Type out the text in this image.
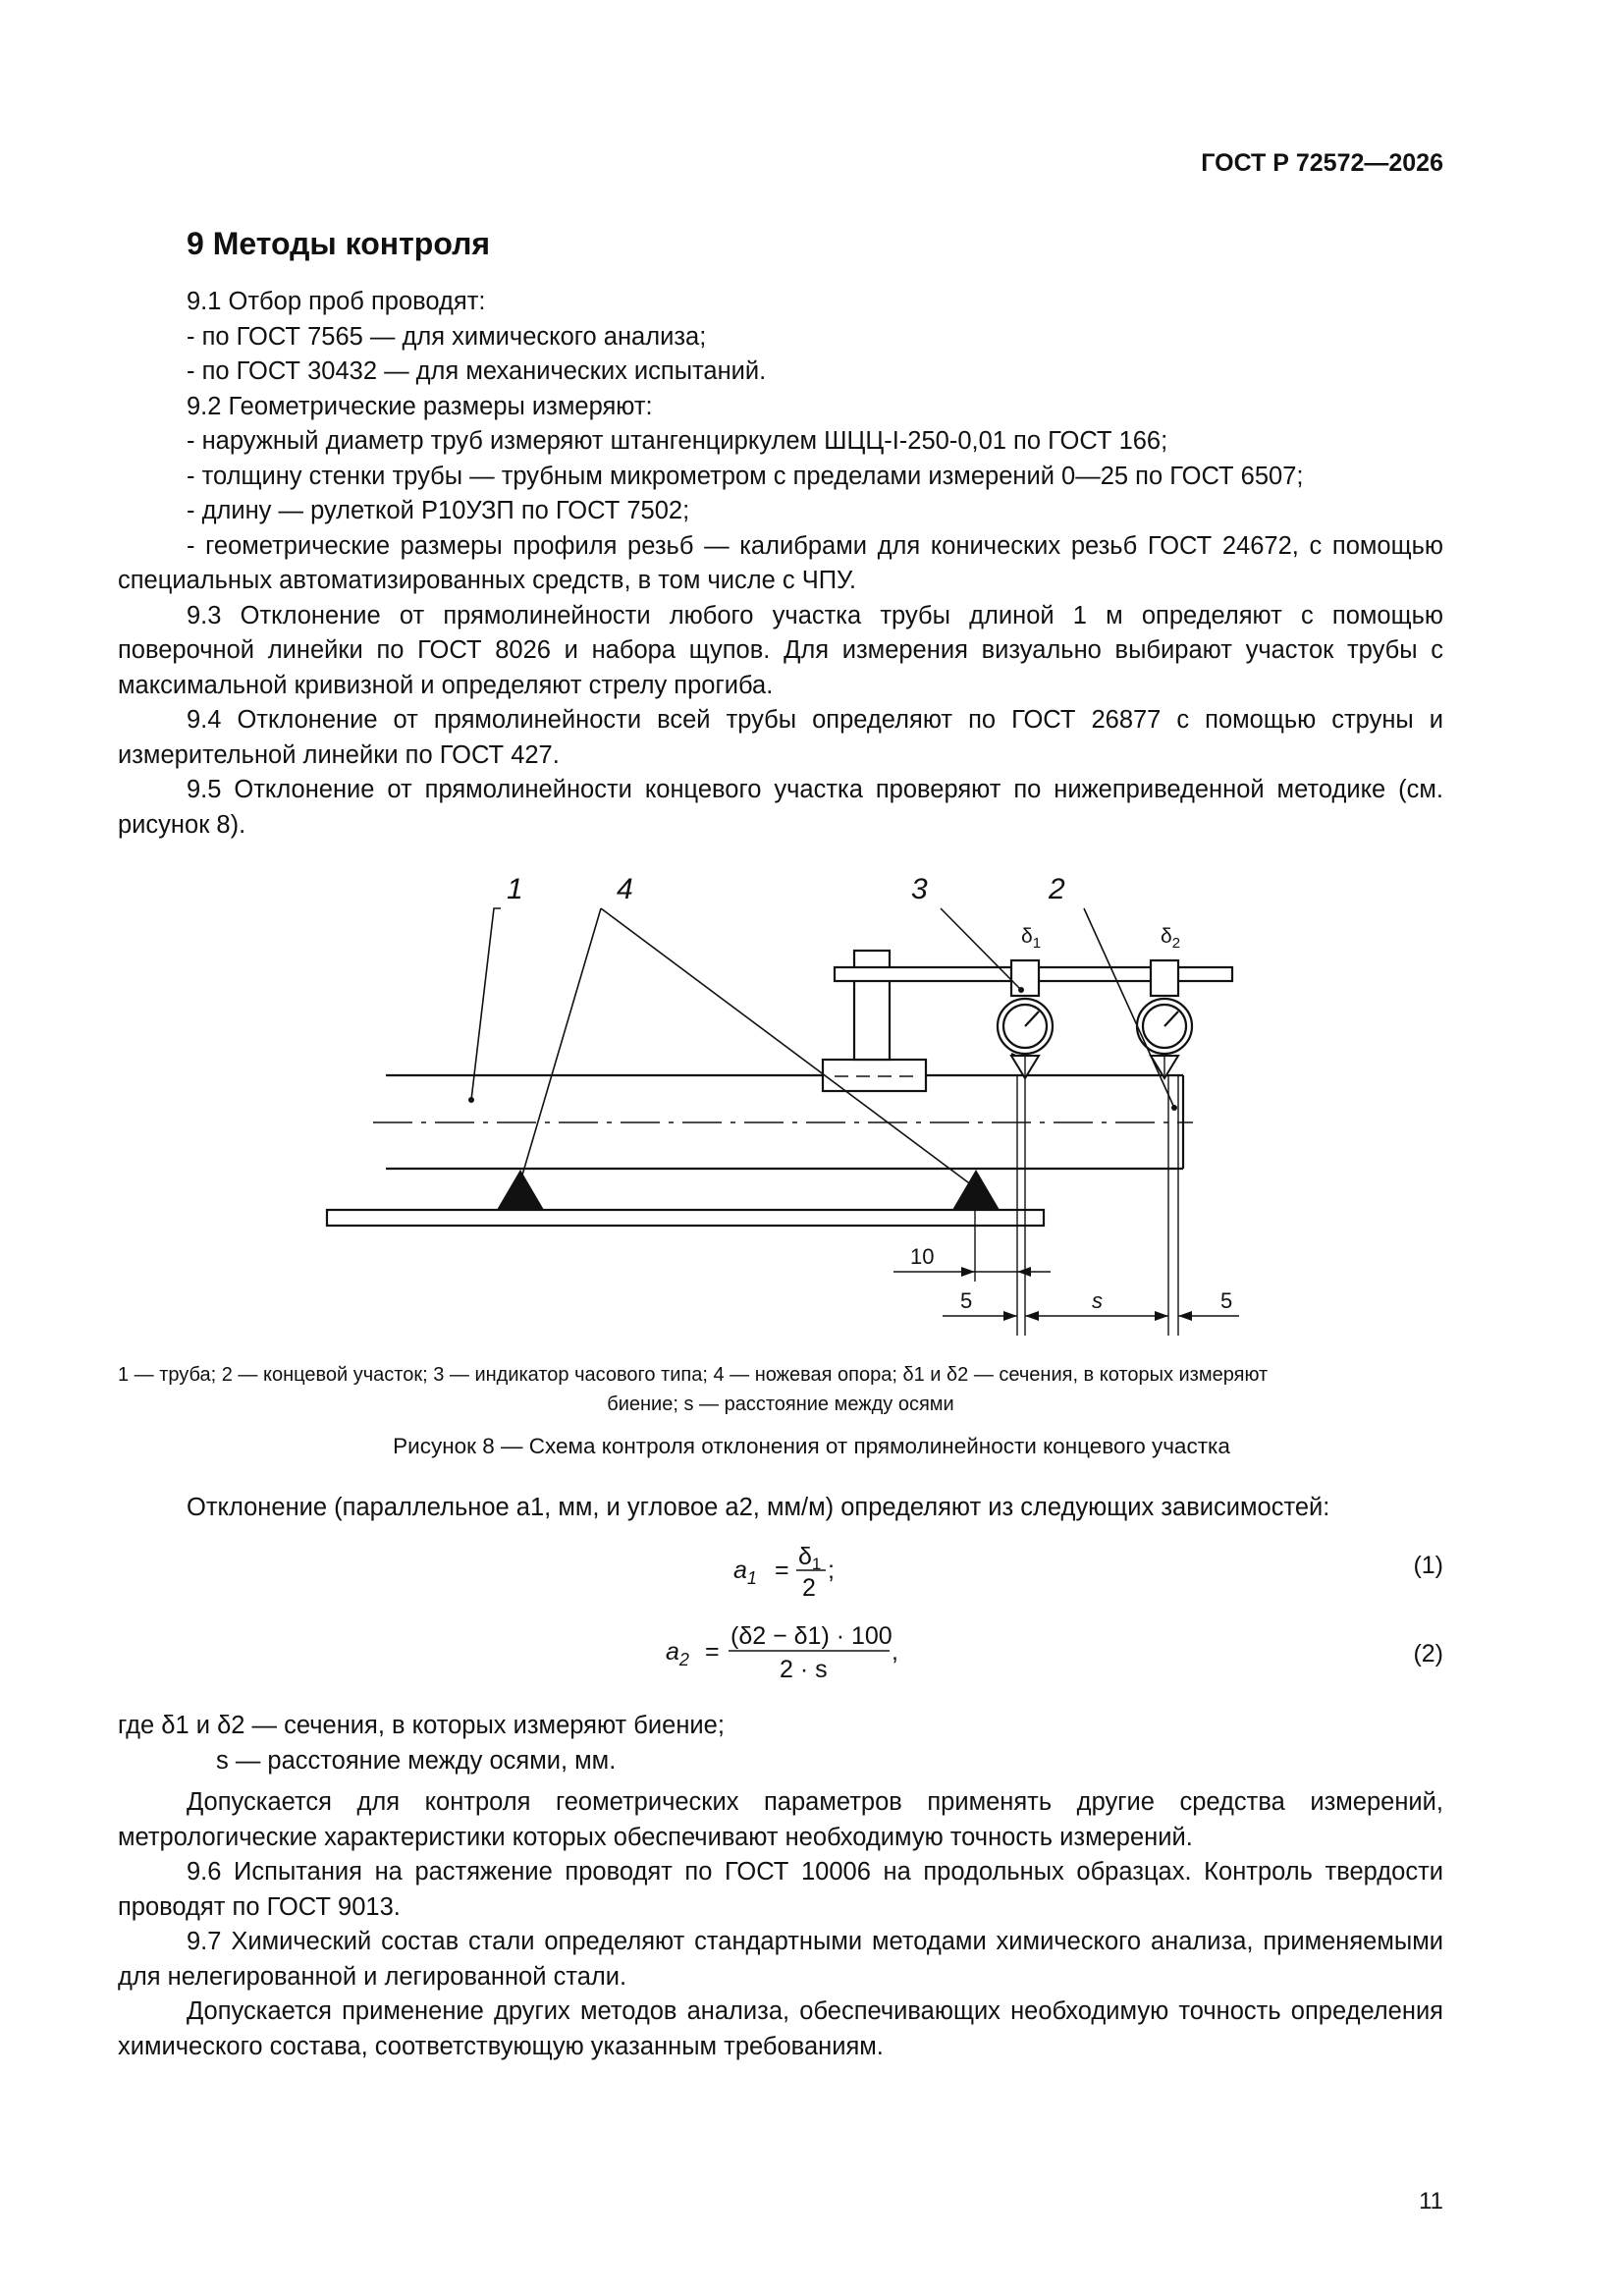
ГОСТ Р 72572—2026
9 Методы контроля

9.1 Отбор проб проводят:

- по ГОСТ 7565 — для химического анализа;

- по ГОСТ 30432 — для механических испытаний.

9.2 Геометрические размеры измеряют:

- наружный диаметр труб измеряют штангенциркулем ШЦЦ-I-250-0,01 по ГОСТ 166;

- толщину стенки трубы — трубным микрометром с пределами измерений 0—25 по ГОСТ 6507;

- длину — рулеткой Р10УЗП по ГОСТ 7502;

- геометрические размеры профиля резьб — калибрами для конических резьб ГОСТ 24672, с помощью специальных автоматизированных средств, в том числе с ЧПУ.

9.3 Отклонение от прямолинейности любого участка трубы длиной 1 м определяют с помощью поверочной линейки по ГОСТ 8026 и набора щупов. Для измерения визуально выбирают участок трубы с максимальной кривизной и определяют стрелу прогиба.

9.4 Отклонение от прямолинейности всей трубы определяют по ГОСТ 26877 с помощью струны и измерительной линейки по ГОСТ 427.

9.5 Отклонение от прямолинейности концевого участка проверяют по нижеприведенной методике (см. рисунок 8).

1	4	3	2
$\delta_1$	$\delta_2$
10
5	s	5
1 — труба; 2 — концевой участок; 3 — индикатор часового типа; 4 — ножевая опора; δ1 и δ2 — сечения, в которых измеряют
биение; s — расстояние между осями
Рисунок 8 — Схема контроля отклонения от прямолинейности концевого участка

Отклонение (параллельное a1, мм, и угловое a2, мм/м) определяют из следующих зависимостей:

$a_1 = \delta_1$
2
;	(1)
$a_2$ =
(δ2 − δ1) · 100
2 · s
,	(2)

где δ1 и δ2 — сечения, в которых измеряют биение;

s — расстояние между осями, мм.

Допускается для контроля геометрических параметров применять другие средства измерений, метрологические характеристики которых обеспечивают необходимую точность измерений.

9.6 Испытания на растяжение проводят по ГОСТ 10006 на продольных образцах. Контроль твердости проводят по ГОСТ 9013.

9.7 Химический состав стали определяют стандартными методами химического анализа, применяемыми для нелегированной и легированной стали.

Допускается применение других методов анализа, обеспечивающих необходимую точность определения химического состава, соответствующую указанным требованиям.

11
